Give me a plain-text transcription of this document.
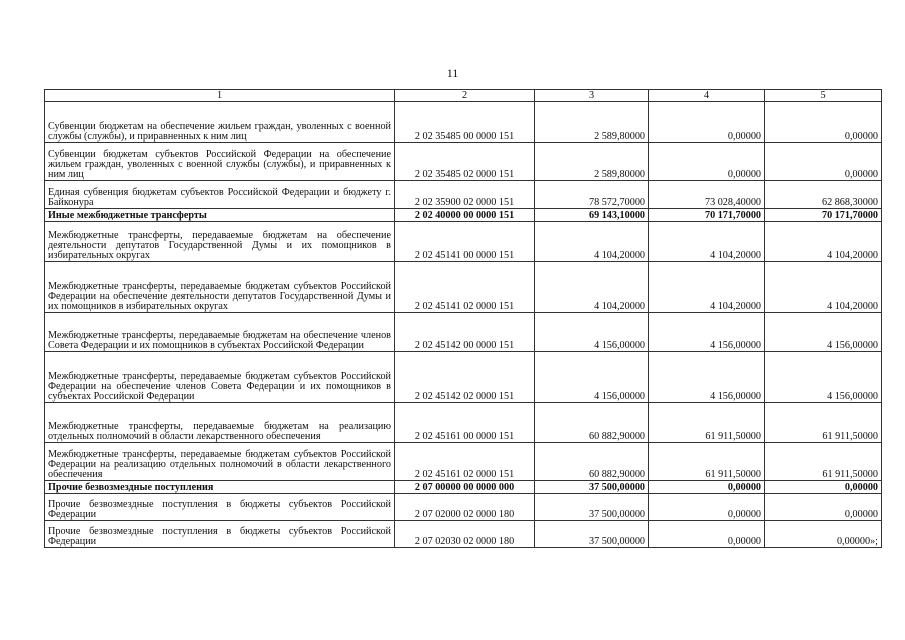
11
1	2	3	4	5
Субвенции бюджетам на обеспечение жильем граждан, уволенных с военной службы (службы), и приравненных к ним лиц	2 02 35485 00 0000 151	2 589,80000	0,00000	0,00000
Субвенции бюджетам субъектов Российской Федерации на обеспечение жильем граждан, уволенных с военной службы (службы), и приравненных к ним лиц	2 02 35485 02 0000 151	2 589,80000	0,00000	0,00000
Единая субвенция бюджетам субъектов Российской Федерации и бюджету г. Байконура	2 02 35900 02 0000 151	78 572,70000	73 028,40000	62 868,30000
Иные межбюджетные трансферты	2 02 40000 00 0000 151	69 143,10000	70 171,70000	70 171,70000
Межбюджетные трансферты, передаваемые бюджетам на обеспечение деятельности депутатов Государственной Думы и их помощников в избирательных округах	2 02 45141 00 0000 151	4 104,20000	4 104,20000	4 104,20000
Межбюджетные трансферты, передаваемые бюджетам субъектов Российской Федерации на обеспечение деятельности депутатов Государственной Думы и их помощников в избирательных округах	2 02 45141 02 0000 151	4 104,20000	4 104,20000	4 104,20000
Межбюджетные трансферты, передаваемые бюджетам на обеспечение членов Совета Федерации и их помощников в субъектах Российской Федерации	2 02 45142 00 0000 151	4 156,00000	4 156,00000	4 156,00000
Межбюджетные трансферты, передаваемые бюджетам субъектов Российской Федерации на обеспечение членов Совета Федерации и их помощников в субъектах Российской Федерации	2 02 45142 02 0000 151	4 156,00000	4 156,00000	4 156,00000
Межбюджетные трансферты, передаваемые бюджетам на реализацию отдельных полномочий в области лекарственного обеспечения	2 02 45161 00 0000 151	60 882,90000	61 911,50000	61 911,50000
Межбюджетные трансферты, передаваемые бюджетам субъектов Российской Федерации на реализацию отдельных полномочий в области лекарственного обеспечения	2 02 45161 02 0000 151	60 882,90000	61 911,50000	61 911,50000
Прочие безвозмездные поступления	2 07 00000 00 0000 000	37 500,00000	0,00000	0,00000
Прочие безвозмездные поступления в бюджеты субъектов Российской Федерации	2 07 02000 02 0000 180	37 500,00000	0,00000	0,00000
Прочие безвозмездные поступления в бюджеты субъектов Российской Федерации	2 07 02030 02 0000 180	37 500,00000	0,00000	0,00000»;
